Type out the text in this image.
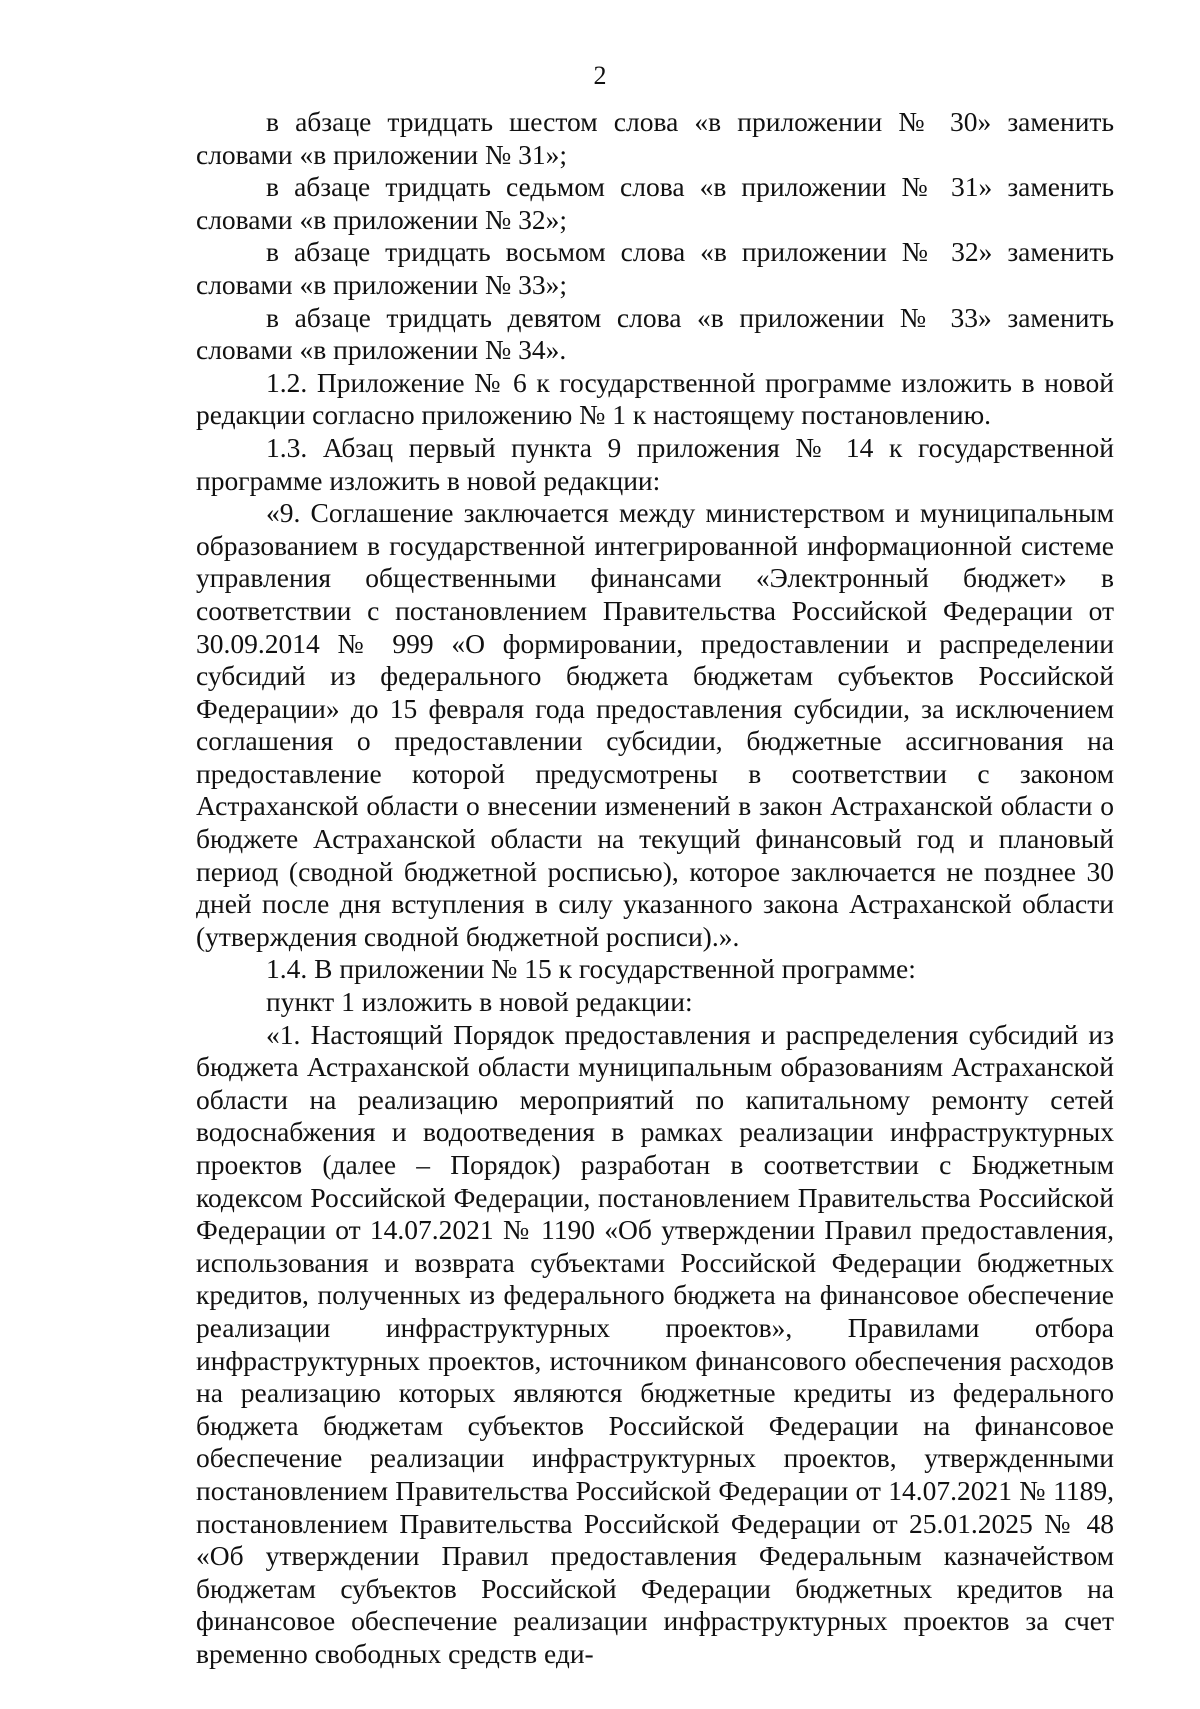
2

в абзаце тридцать шестом слова «в приложении № 30» заменить словами «в приложении № 31»;

в абзаце тридцать седьмом слова «в приложении № 31» заменить словами «в приложении № 32»;

в абзаце тридцать восьмом слова «в приложении № 32» заменить словами «в приложении № 33»;

в абзаце тридцать девятом слова «в приложении № 33» заменить словами «в приложении № 34».

1.2. Приложение № 6 к государственной программе изложить в новой редакции согласно приложению № 1 к настоящему постановлению.

1.3. Абзац первый пункта 9 приложения № 14 к государственной программе изложить в новой редакции:

«9. Соглашение заключается между министерством и муниципальным образованием в государственной интегрированной информационной системе управления общественными финансами «Электронный бюджет» в соответствии с постановлением Правительства Российской Федерации от 30.09.2014 № 999 «О формировании, предоставлении и распределении субсидий из федерального бюджета бюджетам субъектов Российской Федерации» до 15 февраля года предоставления субсидии, за исключением соглашения о предоставлении субсидии, бюджетные ассигнования на предоставление которой предусмотрены в соответствии с законом Астраханской области о внесении изменений в закон Астраханской области о бюджете Астраханской области на текущий финансовый год и плановый период (сводной бюджетной росписью), которое заключается не позднее 30 дней после дня вступления в силу указанного закона Астраханской области (утверждения сводной бюджетной росписи).».

1.4. В приложении № 15 к государственной программе:

пункт 1 изложить в новой редакции:

«1. Настоящий Порядок предоставления и распределения субсидий из бюджета Астраханской области муниципальным образованиям Астраханской области на реализацию мероприятий по капитальному ремонту сетей водоснабжения и водоотведения в рамках реализации инфраструктурных проектов (далее – Порядок) разработан в соответствии с Бюджетным кодексом Российской Федерации, постановлением Правительства Российской Федерации от 14.07.2021 № 1190 «Об утверждении Правил предоставления, использования и возврата субъектами Российской Федерации бюджетных кредитов, полученных из федерального бюджета на финансовое обеспечение реализации инфраструктурных проектов», Правилами отбора инфраструктурных проектов, источником финансового обеспечения расходов на реализацию которых являются бюджетные кредиты из федерального бюджета бюджетам субъектов Российской Федерации на финансовое обеспечение реализации инфраструктурных проектов, утвержденными постановлением Правительства Российской Федерации от 14.07.2021 № 1189, постановлением Правительства Российской Федерации от 25.01.2025 № 48 «Об утверждении Правил предоставления Федеральным казначейством бюджетам субъектов Российской Федерации бюджетных кредитов на финансовое обеспечение реализации инфраструктурных проектов за счет временно свободных средств еди-
